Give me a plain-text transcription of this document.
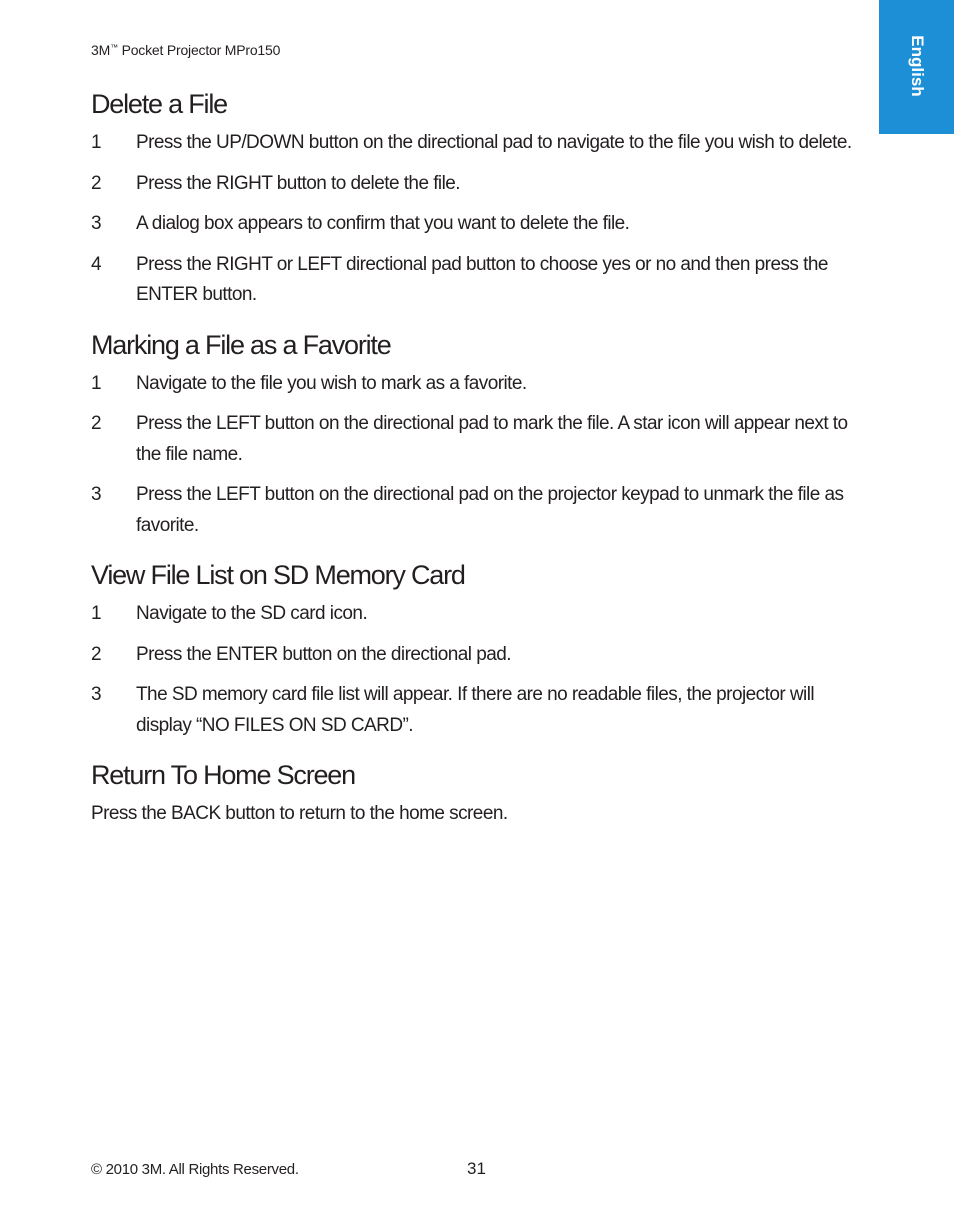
3M™ Pocket Projector MPro150	English
Delete a File
1 Press the UP/DOWN button on the directional pad to navigate to the file you wish to delete.
2 Press the RIGHT button to delete the file.
3 A dialog box appears to confirm that you want to delete the file.
4 Press the RIGHT or LEFT directional pad button to choose yes or no and then press the ENTER button.
Marking a File as a Favorite
1 Navigate to the file you wish to mark as a favorite.
2 Press the LEFT button on the directional pad to mark the file. A star icon will appear next to the file name.
3 Press the LEFT button on the directional pad on the projector keypad to unmark the file as favorite.
View File List on SD Memory Card
1 Navigate to the SD card icon.
2 Press the ENTER button on the directional pad.
3 The SD memory card file list will appear. If there are no readable files, the projector will display “NO FILES ON SD CARD”.
Return To Home Screen

Press the BACK button to return to the home screen.

© 2010 3M. All Rights Reserved.	31
